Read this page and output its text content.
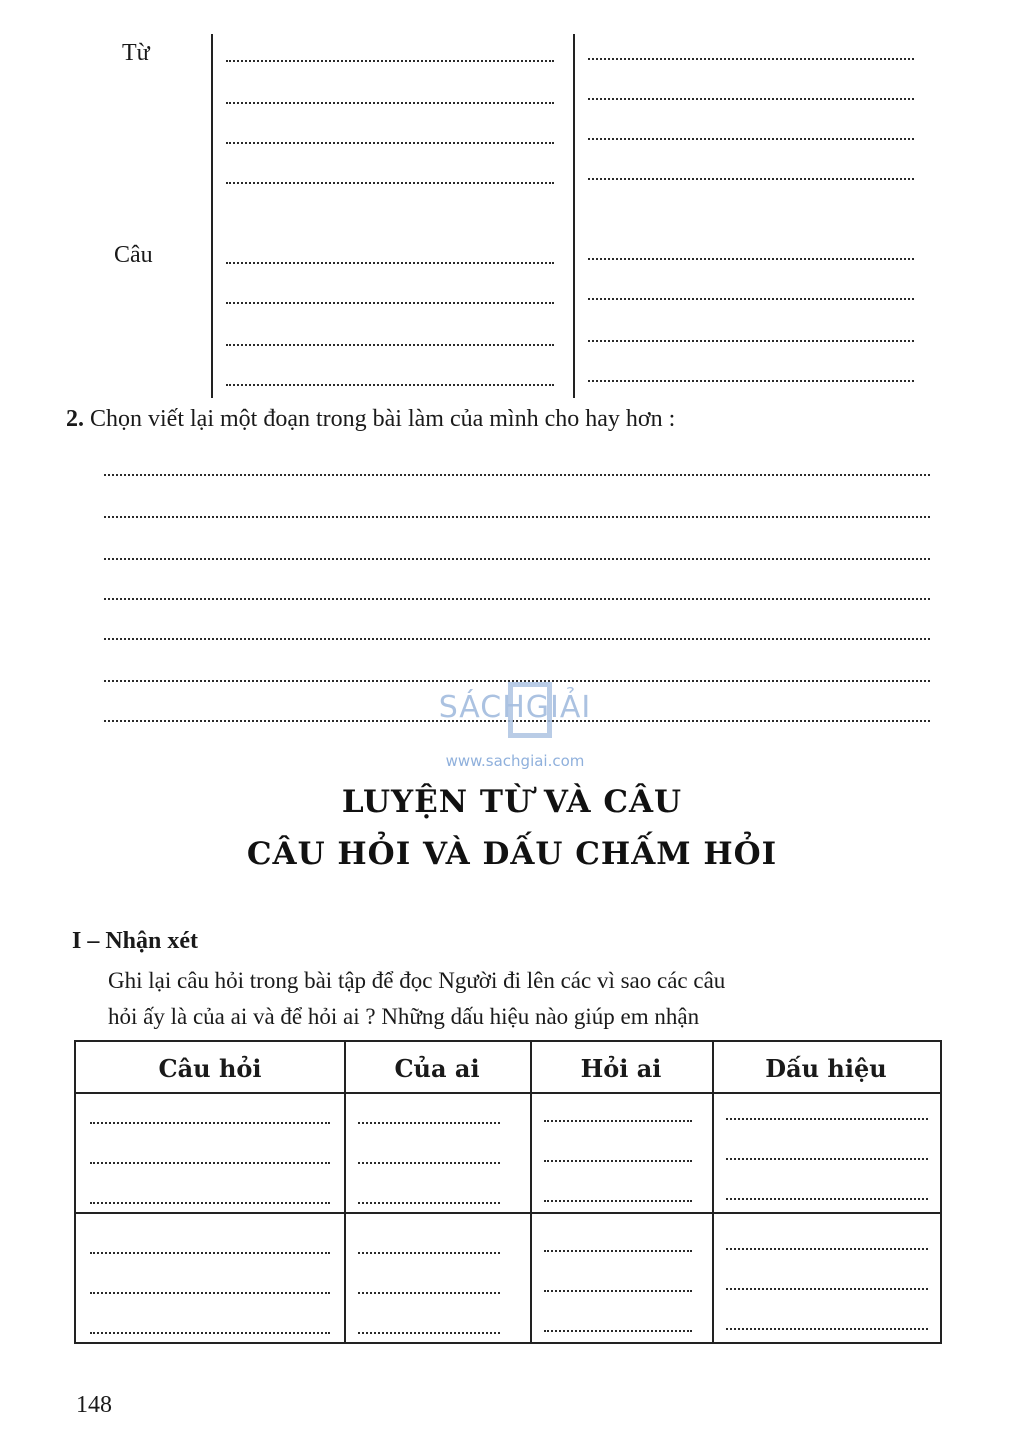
Từ
Câu
2. Chọn viết lại một đoạn trong bài làm của mình cho hay hơn :
SÁCHGIẢI
www.sachgiai.com
LUYỆN TỪ VÀ CÂU
CÂU HỎI VÀ DẤU CHẤM HỎI
I – Nhận xét
Ghi lại câu hỏi trong bài tập để đọc Người đi lên các vì sao các câu
hỏi ấy là của ai và để hỏi ai ? Những dấu hiệu nào giúp em nhận
Câu hỏi	Của ai	Hỏi ai	Dấu hiệu
148
